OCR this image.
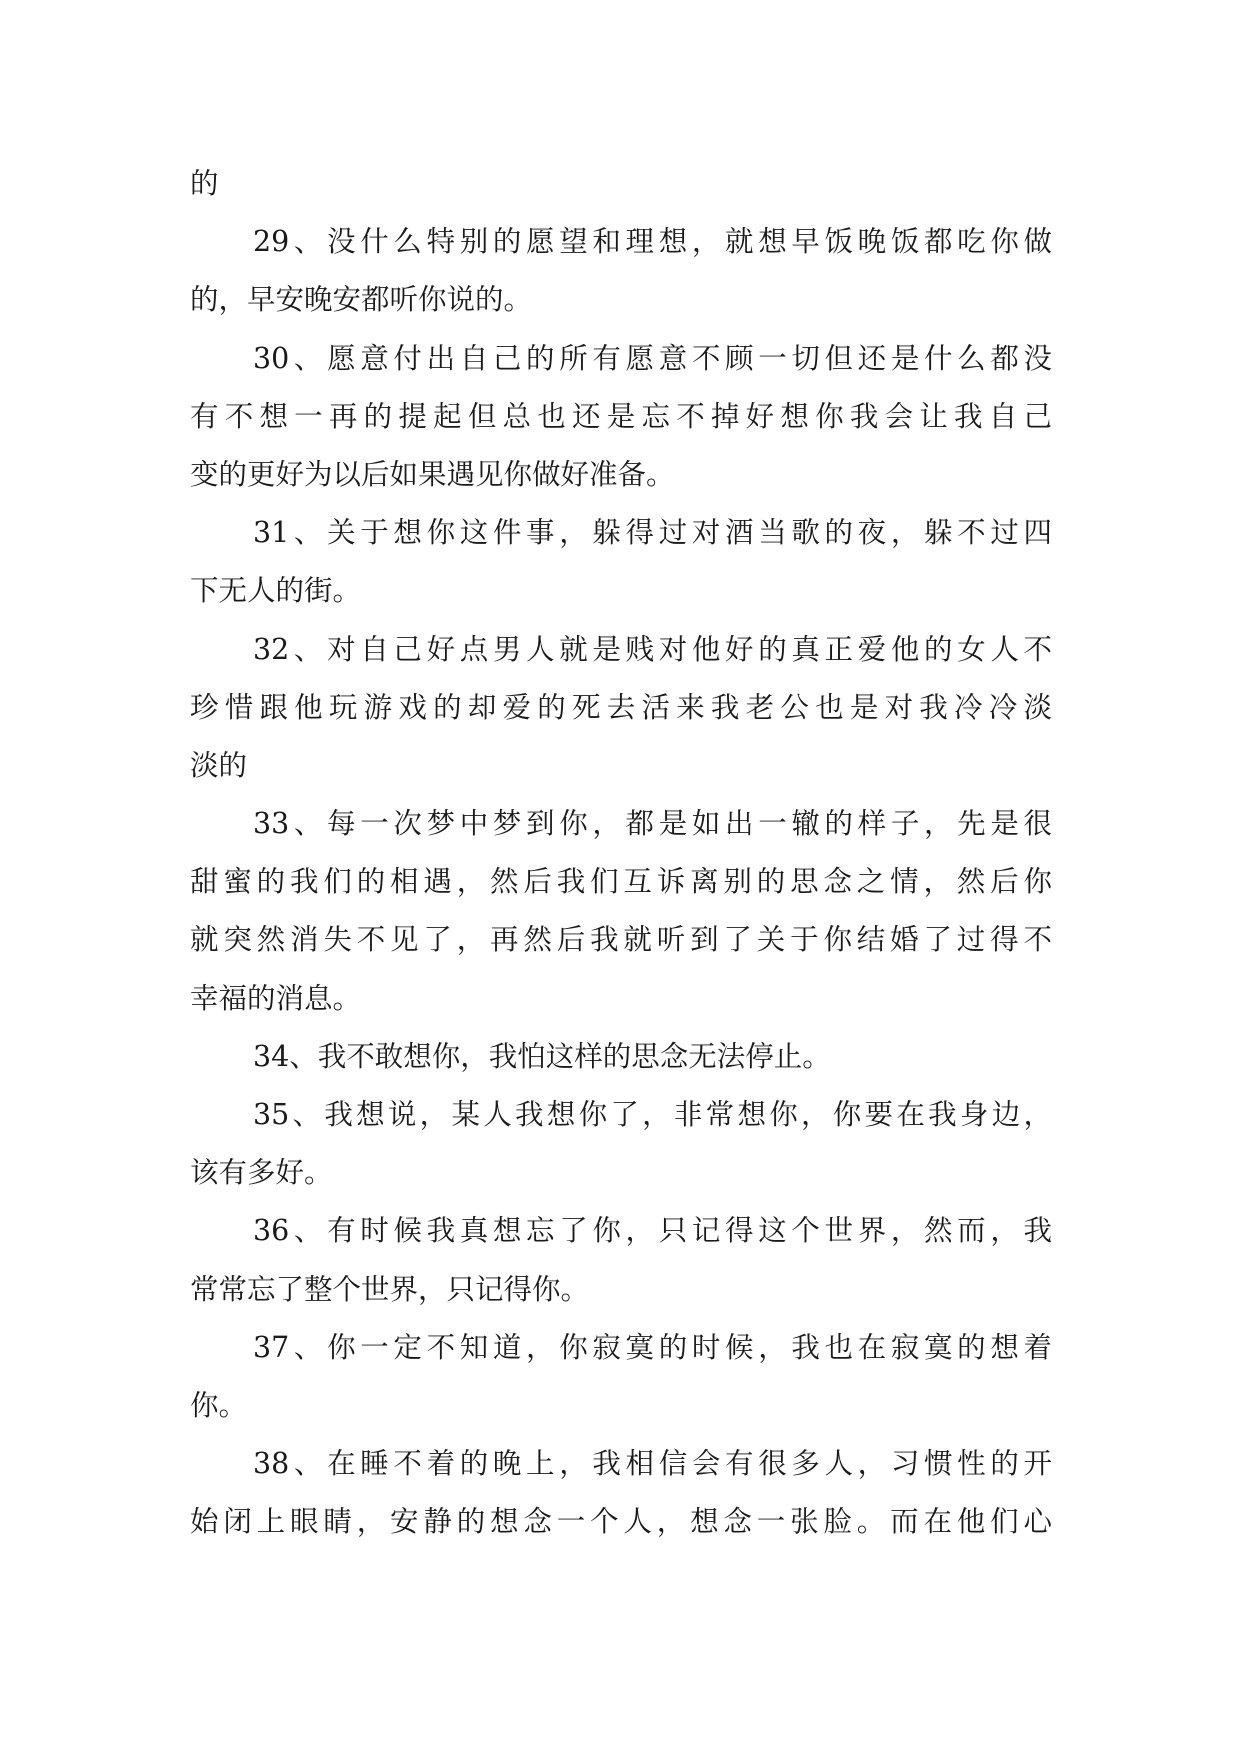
的
29、没什么特别的愿望和理想，就想早饭晚饭都吃你做
的，早安晚安都听你说的。
30、愿意付出自己的所有愿意不顾一切但还是什么都没
有不想一再的提起但总也还是忘不掉好想你我会让我自己
变的更好为以后如果遇见你做好准备。
31、关于想你这件事，躲得过对酒当歌的夜，躲不过四
下无人的街。
32、对自己好点男人就是贱对他好的真正爱他的女人不
珍惜跟他玩游戏的却爱的死去活来我老公也是对我冷冷淡
淡的
33、每一次梦中梦到你，都是如出一辙的样子，先是很
甜蜜的我们的相遇，然后我们互诉离别的思念之情，然后你
就突然消失不见了，再然后我就听到了关于你结婚了过得不
幸福的消息。
34、我不敢想你，我怕这样的思念无法停止。
35、我想说，某人我想你了，非常想你，你要在我身边，
该有多好。
36、有时候我真想忘了你，只记得这个世界，然而，我
常常忘了整个世界，只记得你。
37、你一定不知道，你寂寞的时候，我也在寂寞的想着
你。
38、在睡不着的晚上，我相信会有很多人，习惯性的开
始闭上眼睛，安静的想念一个人，想念一张脸。而在他们心
